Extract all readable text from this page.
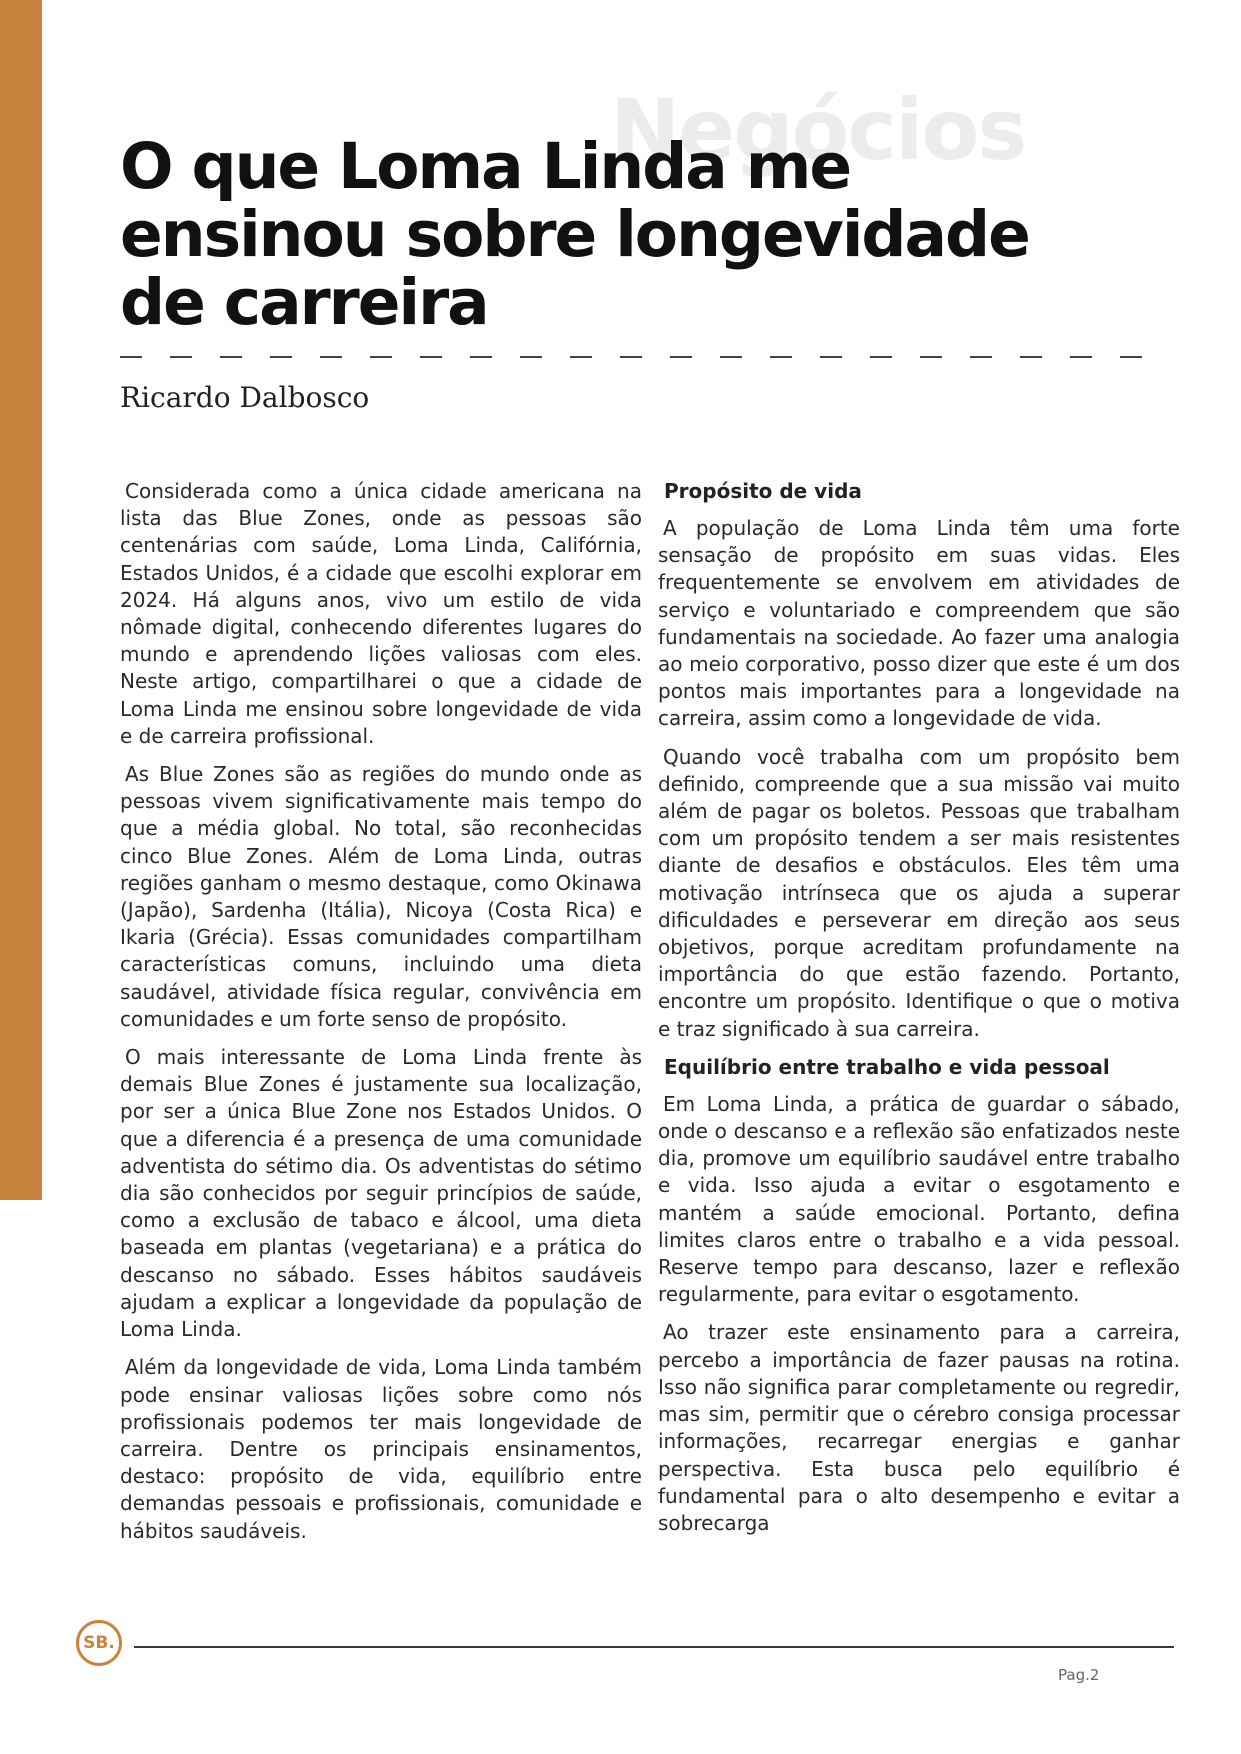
Negócios
O que Loma Linda me ensinou sobre longevidade de carreira
Ricardo Dalbosco

Considerada como a única cidade americana na lista das Blue Zones, onde as pessoas são centenárias com saúde, Loma Linda, Califórnia, Estados Unidos, é a cidade que escolhi explorar em 2024. Há alguns anos, vivo um estilo de vida nômade digital, conhecendo diferentes lugares do mundo e aprendendo lições valiosas com eles. Neste artigo, compartilharei o que a cidade de Loma Linda me ensinou sobre longevidade de vida e de carreira profissional.

As Blue Zones são as regiões do mundo onde as pessoas vivem significativamente mais tempo do que a média global. No total, são reconhecidas cinco Blue Zones. Além de Loma Linda, outras regiões ganham o mesmo destaque, como Okinawa (Japão), Sardenha (Itália), Nicoya (Costa Rica) e Ikaria (Grécia). Essas comunidades compartilham características comuns, incluindo uma dieta saudável, atividade física regular, convivência em comunidades e um forte senso de propósito.

O mais interessante de Loma Linda frente às demais Blue Zones é justamente sua localização, por ser a única Blue Zone nos Estados Unidos. O que a diferencia é a presença de uma comunidade adventista do sétimo dia. Os adventistas do sétimo dia são conhecidos por seguir princípios de saúde, como a exclusão de tabaco e álcool, uma dieta baseada em plantas (vegetariana) e a prática do descanso no sábado. Esses hábitos saudáveis ajudam a explicar a longevidade da população de Loma Linda.

Além da longevidade de vida, Loma Linda também pode ensinar valiosas lições sobre como nós profissionais podemos ter mais longevidade de carreira. Dentre os principais ensinamentos, destaco: propósito de vida, equilíbrio entre demandas pessoais e profissionais, comunidade e hábitos saudáveis.

Propósito de vida

A população de Loma Linda têm uma forte sensação de propósito em suas vidas. Eles frequentemente se envolvem em atividades de serviço e voluntariado e compreendem que são fundamentais na sociedade. Ao fazer uma analogia ao meio corporativo, posso dizer que este é um dos pontos mais importantes para a longevidade na carreira, assim como a longevidade de vida.

Quando você trabalha com um propósito bem definido, compreende que a sua missão vai muito além de pagar os boletos. Pessoas que trabalham com um propósito tendem a ser mais resistentes diante de desafios e obstáculos. Eles têm uma motivação intrínseca que os ajuda a superar dificuldades e perseverar em direção aos seus objetivos, porque acreditam profundamente na importância do que estão fazendo. Portanto, encontre um propósito. Identifique o que o motiva e traz significado à sua carreira.

Equilíbrio entre trabalho e vida pessoal

Em Loma Linda, a prática de guardar o sábado, onde o descanso e a reflexão são enfatizados neste dia, promove um equilíbrio saudável entre trabalho e vida. Isso ajuda a evitar o esgotamento e mantém a saúde emocional. Portanto, defina limites claros entre o trabalho e a vida pessoal. Reserve tempo para descanso, lazer e reflexão regularmente, para evitar o esgotamento.

Ao trazer este ensinamento para a carreira, percebo a importância de fazer pausas na rotina. Isso não significa parar completamente ou regredir, mas sim, permitir que o cérebro consiga processar informações, recarregar energias e ganhar perspectiva. Esta busca pelo equilíbrio é fundamental para o alto desempenho e evitar a sobrecarga

SB.
Pag.2
